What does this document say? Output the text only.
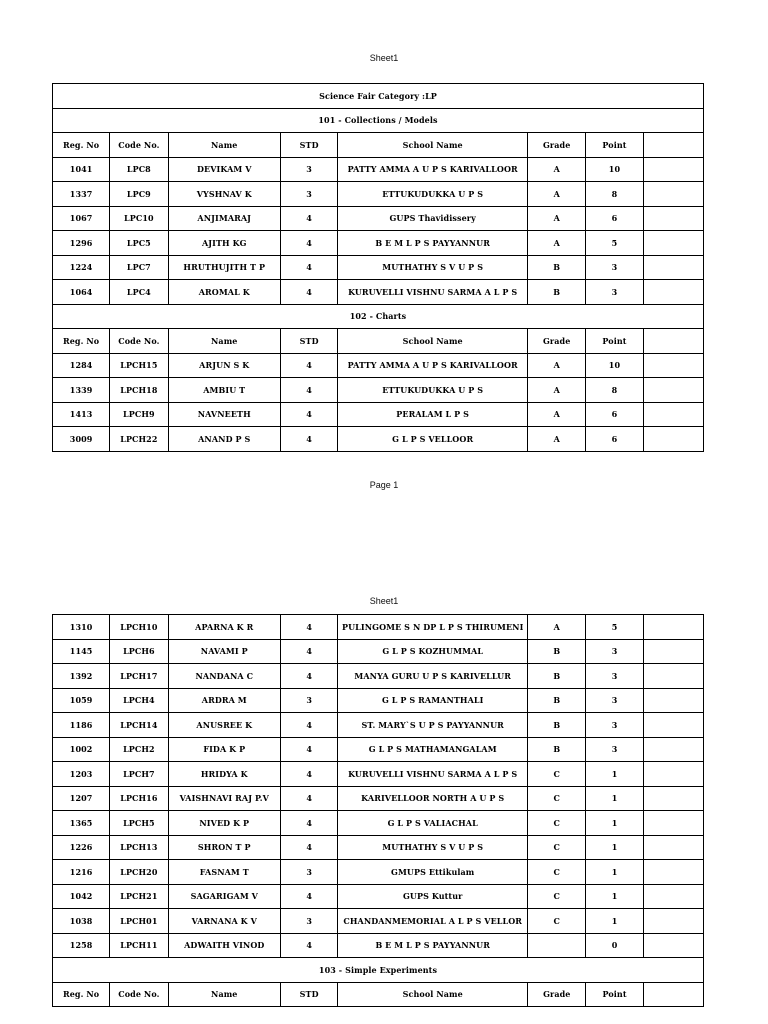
Sheet1
Science Fair Category :LP							
101 - Collections / Models							
Reg. No	Code No.	Name	STD	School Name	Grade	Point	
1041	LPC8	DEVIKAM V	3	PATTY AMMA A U P S KARIVALLOOR	A	10	
1337	LPC9	VYSHNAV K	3	ETTUKUDUKKA U P S	A	8	
1067	LPC10	ANJIMARAJ	4	GUPS Thavidissery	A	6	
1296	LPC5	AJITH KG	4	B E M L P S PAYYANNUR	A	5	
1224	LPC7	HRUTHUJITH T P	4	MUTHATHY S V U P S	B	3	
1064	LPC4	AROMAL K	4	KURUVELLI VISHNU SARMA A L P S	B	3	
102 - Charts							
Reg. No	Code No.	Name	STD	School Name	Grade	Point	
1284	LPCH15	ARJUN S K	4	PATTY AMMA A U P S KARIVALLOOR	A	10	
1339	LPCH18	AMBIU T	4	ETTUKUDUKKA U P S	A	8	
1413	LPCH9	NAVNEETH	4	PERALAM L P S	A	6	
3009	LPCH22	ANAND P S	4	G L P S VELLOOR	A	6	
Page 1
Sheet1
1310	LPCH10	APARNA K R	4	PULINGOME S N DP L P S THIRUMENI	A	5	
1145	LPCH6	NAVAMI P	4	G L P S KOZHUMMAL	B	3	
1392	LPCH17	NANDANA C	4	MANYA GURU U P S KARIVELLUR	B	3	
1059	LPCH4	ARDRA M	3	G L P S RAMANTHALI	B	3	
1186	LPCH14	ANUSREE K	4	ST. MARY`S U P S PAYYANNUR	B	3	
1002	LPCH2	FIDA K P	4	G L P S MATHAMANGALAM	B	3	
1203	LPCH7	HRIDYA K	4	KURUVELLI VISHNU SARMA A L P S	C	1	
1207	LPCH16	VAISHNAVI RAJ P.V	4	KARIVELLOOR NORTH A U P S	C	1	
1365	LPCH5	NIVED K P	4	G L P S VALIACHAL	C	1	
1226	LPCH13	SHRON T P	4	MUTHATHY S V U P S	C	1	
1216	LPCH20	FASNAM T	3	GMUPS Ettikulam	C	1	
1042	LPCH21	SAGARIGAM V	4	GUPS Kuttur	C	1	
1038	LPCH01	VARNANA K V	3	CHANDANMEMORIAL A L P S VELLOR	C	1	
1258	LPCH11	ADWAITH VINOD	4	B E M L P S PAYYANNUR		0	
103 - Simple Experiments							
Reg. No	Code No.	Name	STD	School Name	Grade	Point	
